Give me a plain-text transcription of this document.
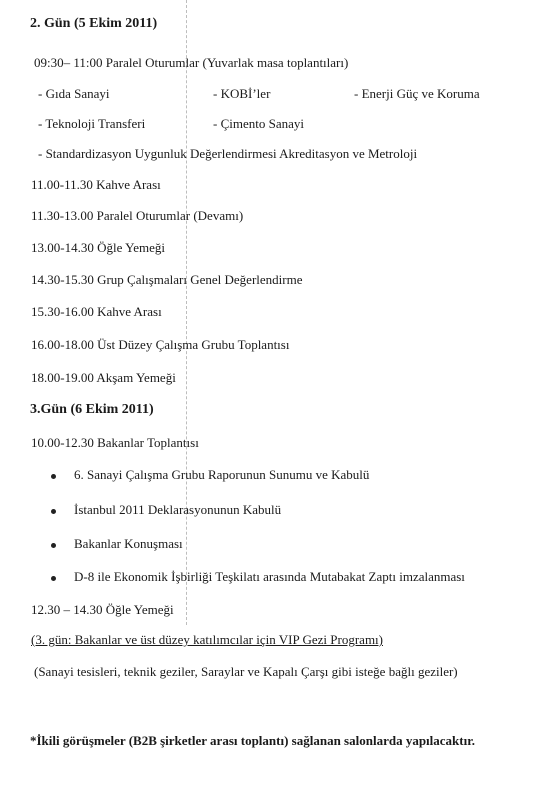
2. Gün (5 Ekim 2011)
09:30– 11:00 Paralel Oturumlar (Yuvarlak masa toplantıları)
- Gıda Sanayi	- KOBİ’ler	- Enerji Güç ve Koruma
- Teknoloji Transferi	- Çimento Sanayi
- Standardizasyon Uygunluk Değerlendirmesi Akreditasyon ve Metroloji
11.00-11.30 Kahve Arası
11.30-13.00 Paralel Oturumlar (Devamı)
13.00-14.30 Öğle Yemeği
14.30-15.30 Grup Çalışmaları Genel Değerlendirme
15.30-16.00 Kahve Arası
16.00-18.00 Üst Düzey Çalışma Grubu Toplantısı
18.00-19.00 Akşam Yemeği
3.Gün (6 Ekim 2011)
10.00-12.30 Bakanlar Toplantısı
6. Sanayi Çalışma Grubu Raporunun Sunumu ve Kabulü
İstanbul 2011 Deklarasyonunun Kabulü
Bakanlar Konuşması
D-8 ile Ekonomik İşbirliği Teşkilatı arasında Mutabakat Zaptı imzalanması
12.30 – 14.30 Öğle Yemeği
(3. gün: Bakanlar ve üst düzey katılımcılar için VIP Gezi Programı)
(Sanayi tesisleri, teknik geziler, Saraylar ve Kapalı Çarşı gibi isteğe bağlı geziler)
*İkili görüşmeler (B2B şirketler arası toplantı) sağlanan salonlarda yapılacaktır.
